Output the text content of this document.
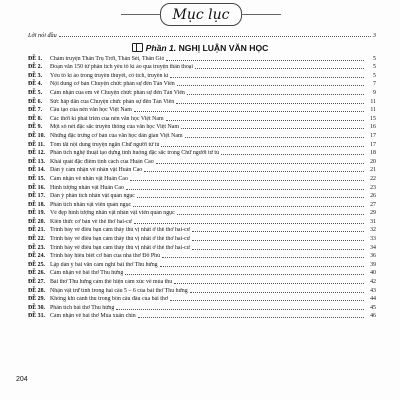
Mục lục
Lời nói đầu	3
Phần 1. NGHỊ LUẬN VĂN HỌC
ĐỀ 1.	Chàm truyện Thần Trụ Trời, Thần Sét, Thần Gió	5
ĐỀ 2.	Đoạn văn 150 từ phân tích yếu tố kì ảo qua truyện thần thoại	5
ĐỀ 3.	Yếu tố kì ảo trong truyền thuyết, cổ tích, truyền kì	5
ĐỀ 4.	Nội dung cơ bản Chuyện chức phán sự đền Tản Viên	7
ĐỀ 5.	Cảm nhận của em về Chuyện chức phán sự đền Tản Viên	9
ĐỀ 6.	Sức hấp dẫn của Chuyện chức phán sự đền Tản Viên	11
ĐỀ 7.	Cấu tạo của nền văn học Việt Nam	11
ĐỀ 8.	Các thời kì phát triển của nền văn học Việt Nam	15
ĐỀ 9.	Một số nét đặc sắc truyền thống của văn học Việt Nam	16
ĐỀ 10. Những đặc trưng cơ bản của văn học dân gian Việt Nam	17
ĐỀ 11. Tóm tắt nội dung truyện ngắn Chữ người tử tù	17
ĐỀ 12. Phân tích nghệ thuật tạo dựng tình huống đặc sắc trong Chữ người tử tù	18
ĐỀ 13. Khái quát đặc điểm tính cách của Huấn Cao	20
ĐỀ 14. Dàn ý cảm nhận về nhân vật Huấn Cao	21
ĐỀ 15. Cảm nhận về nhân vật Huấn Cao	22
ĐỀ 16. Hình tượng nhân vật Huấn Cao	23
ĐỀ 17. Dàn ý phân tích nhân vật quản ngục	26
ĐỀ 18. Phân tích nhân vật viên quản ngục	27
ĐỀ 19. Vẻ đẹp hình tượng nhân vật nhân vật viên quản ngục	29
ĐỀ 20. Kiến thức cơ bản về thể thơ hai-cư	31
ĐỀ 21. Trình bày về điều bạn cảm thấy thú vị nhất ở thể thơ hai-cư	32
ĐỀ 22. Trình bày về điều bạn cảm thấy thú vị nhất ở thể thơ hai-cư	33
ĐỀ 23. Trình bày về điều bạn cảm thấy thú vị nhất ở thể thơ hai-cư	34
ĐỀ 24. Trình bày hiểu biết cơ bản của nhà thơ Đỗ Phủ	36
ĐỀ 25. Lập dàn ý bài văn cảm nghĩ bài thơ Thu hứng	39
ĐỀ 26. Cảm nhận về bài thơ Thu hứng	40
ĐỀ 27. Bài thơ Thu hứng cảm thể hiện cảm xúc về mùa thu	42
ĐỀ 28. Nhận vật trữ tình trong hai câu 5 – 6 của bài thơ Thu hứng	43
ĐỀ 29. Không khí cảnh thu trong bốn câu đầu của bài thơ	44
ĐỀ 30. Phân tích bài thơ Thu hứng	45
ĐỀ 31. Cảm nhận về bài thơ Mùa xuân chín	46
204
